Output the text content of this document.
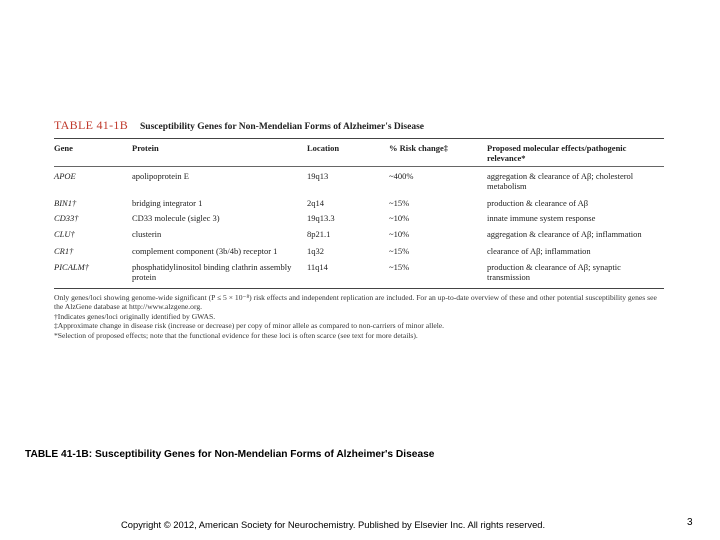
TABLE 41-1B Susceptibility Genes for Non-Mendelian Forms of Alzheimer's Disease
Gene	Protein	Location	% Risk change‡	Proposed molecular effects/pathogenic relevance*

APOE	apolipoprotein E	19q13	~400%	aggregation & clearance of Aβ; cholesterol metabolism
BIN1†	bridging integrator 1	2q14	~15%	production & clearance of Aβ
CD33†	CD33 molecule (siglec 3)	19q13.3	~10%	innate immune system response
CLU†	clusterin	8p21.1	~10%	aggregation & clearance of Aβ; inflammation
CR1†	complement component (3b/4b) receptor 1	1q32	~15%	clearance of Aβ; inflammation
PICALM†	phosphatidylinositol binding clathrin assembly protein	11q14	~15%	production & clearance of Aβ; synaptic transmission
Only genes/loci showing genome-wide significant (P ≤ 5 × 10⁻⁸) risk effects and independent replication are included. For an up-to-date overview of these and other potential susceptibility genes see the AlzGene database at http://www.alzgene.org.
†Indicates genes/loci originally identified by GWAS.
‡Approximate change in disease risk (increase or decrease) per copy of minor allele as compared to non-carriers of minor allele.
*Selection of proposed effects; note that the functional evidence for these loci is often scarce (see text for more details).
TABLE 41-1B: Susceptibility Genes for Non-Mendelian Forms of Alzheimer's Disease
Copyright © 2012, American Society for Neurochemistry. Published by Elsevier Inc. All rights reserved.	3
